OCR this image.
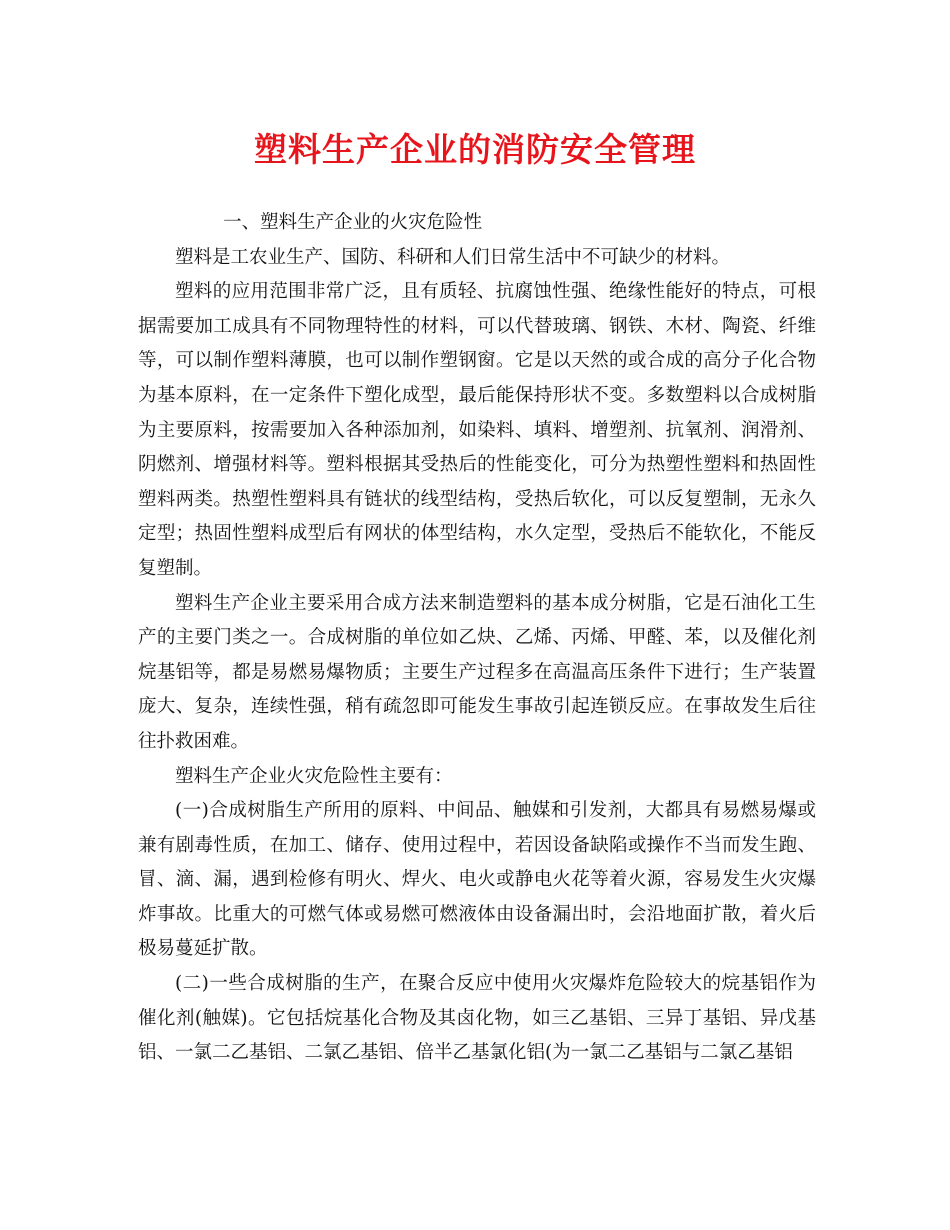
塑料生产企业的消防安全管理

一、塑料生产企业的火灾危险性

塑料是工农业生产、国防、科研和人们日常生活中不可缺少的材料。

塑料的应用范围非常广泛，且有质轻、抗腐蚀性强、绝缘性能好的特点，可根据需要加工成具有不同物理特性的材料，可以代替玻璃、钢铁、木材、陶瓷、纤维等，可以制作塑料薄膜，也可以制作塑钢窗。它是以天然的或合成的高分子化合物为基本原料，在一定条件下塑化成型，最后能保持形状不变。多数塑料以合成树脂为主要原料，按需要加入各种添加剂，如染料、填料、增塑剂、抗氧剂、润滑剂、阴燃剂、增强材料等。塑料根据其受热后的性能变化，可分为热塑性塑料和热固性塑料两类。热塑性塑料具有链状的线型结构，受热后软化，可以反复塑制，无永久定型；热固性塑料成型后有网状的体型结构，水久定型，受热后不能软化，不能反复塑制。

塑料生产企业主要采用合成方法来制造塑料的基本成分树脂，它是石油化工生产的主要门类之一。合成树脂的单位如乙炔、乙烯、丙烯、甲醛、苯，以及催化剂烷基铝等，都是易燃易爆物质；主要生产过程多在高温高压条件下进行；生产装置庞大、复杂，连续性强，稍有疏忽即可能发生事故引起连锁反应。在事故发生后往往扑救困难。

塑料生产企业火灾危险性主要有：

(一)合成树脂生产所用的原料、中间品、触媒和引发剂，大都具有易燃易爆或兼有剧毒性质，在加工、储存、使用过程中，若因设备缺陷或操作不当而发生跑、冒、滴、漏，遇到检修有明火、焊火、电火或静电火花等着火源，容易发生火灾爆炸事故。比重大的可燃气体或易燃可燃液体由设备漏出时，会沿地面扩散，着火后极易蔓延扩散。

(二)一些合成树脂的生产，在聚合反应中使用火灾爆炸危险较大的烷基铝作为催化剂(触媒)。它包括烷基化合物及其卤化物，如三乙基铝、三异丁基铝、异戊基铝、一氯二乙基铝、二氯乙基铝、倍半乙基氯化铝(为一氯二乙基铝与二氯乙基铝
